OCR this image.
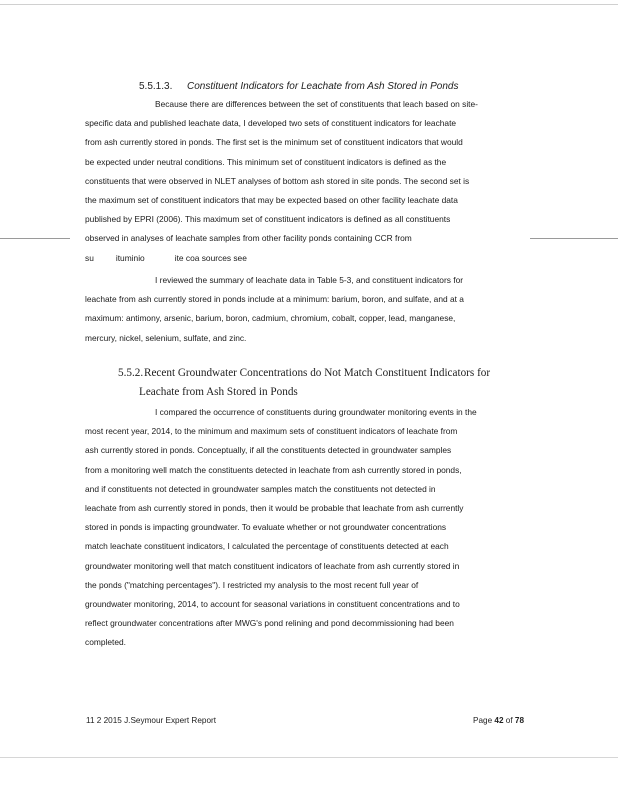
5.5.1.3. Constituent Indicators for Leachate from Ash Stored in Ponds

Because there are differences between the set of constituents that leach based on site-
specific data and published leachate data, I developed two sets of constituent indicators for leachate
from ash currently stored in ponds. The first set is the minimum set of constituent indicators that would
be expected under neutral conditions. This minimum set of constituent indicators is defined as the
constituents that were observed in NLET analyses of bottom ash stored in site ponds. The second set is
the maximum set of constituent indicators that may be expected based on other facility leachate data
published by EPRI (2006). This maximum set of constituent indicators is defined as all constituents
observed in analyses of leachate samples from other facility ponds containing CCR from
su	ituminio	ite coa sources see

I reviewed the summary of leachate data in Table 5-3, and constituent indicators for
leachate from ash currently stored in ponds include at a minimum: barium, boron, and sulfate, and at a
maximum: antimony, arsenic, barium, boron, cadmium, chromium, cobalt, copper, lead, manganese,
mercury, nickel, selenium, sulfate, and zinc.

5.5.2.Recent Groundwater Concentrations do Not Match Constituent Indicators for
Leachate from Ash Stored in Ponds

I compared the occurrence of constituents during groundwater monitoring events in the
most recent year, 2014, to the minimum and maximum sets of constituent indicators of leachate from
ash currently stored in ponds. Conceptually, if all the constituents detected in groundwater samples
from a monitoring well match the constituents detected in leachate from ash currently stored in ponds,
and if constituents not detected in groundwater samples match the constituents not detected in
leachate from ash currently stored in ponds, then it would be probable that leachate from ash currently
stored in ponds is impacting groundwater. To evaluate whether or not groundwater concentrations
match leachate constituent indicators, I calculated the percentage of constituents detected at each
groundwater monitoring well that match constituent indicators of leachate from ash currently stored in
the ponds ("matching percentages"). I restricted my analysis to the most recent full year of
groundwater monitoring, 2014, to account for seasonal variations in constituent concentrations and to
reflect groundwater concentrations after MWG's pond relining and pond decommissioning had been
completed.

11 2 2015 J.Seymour Expert Report	Page 42 of 78
